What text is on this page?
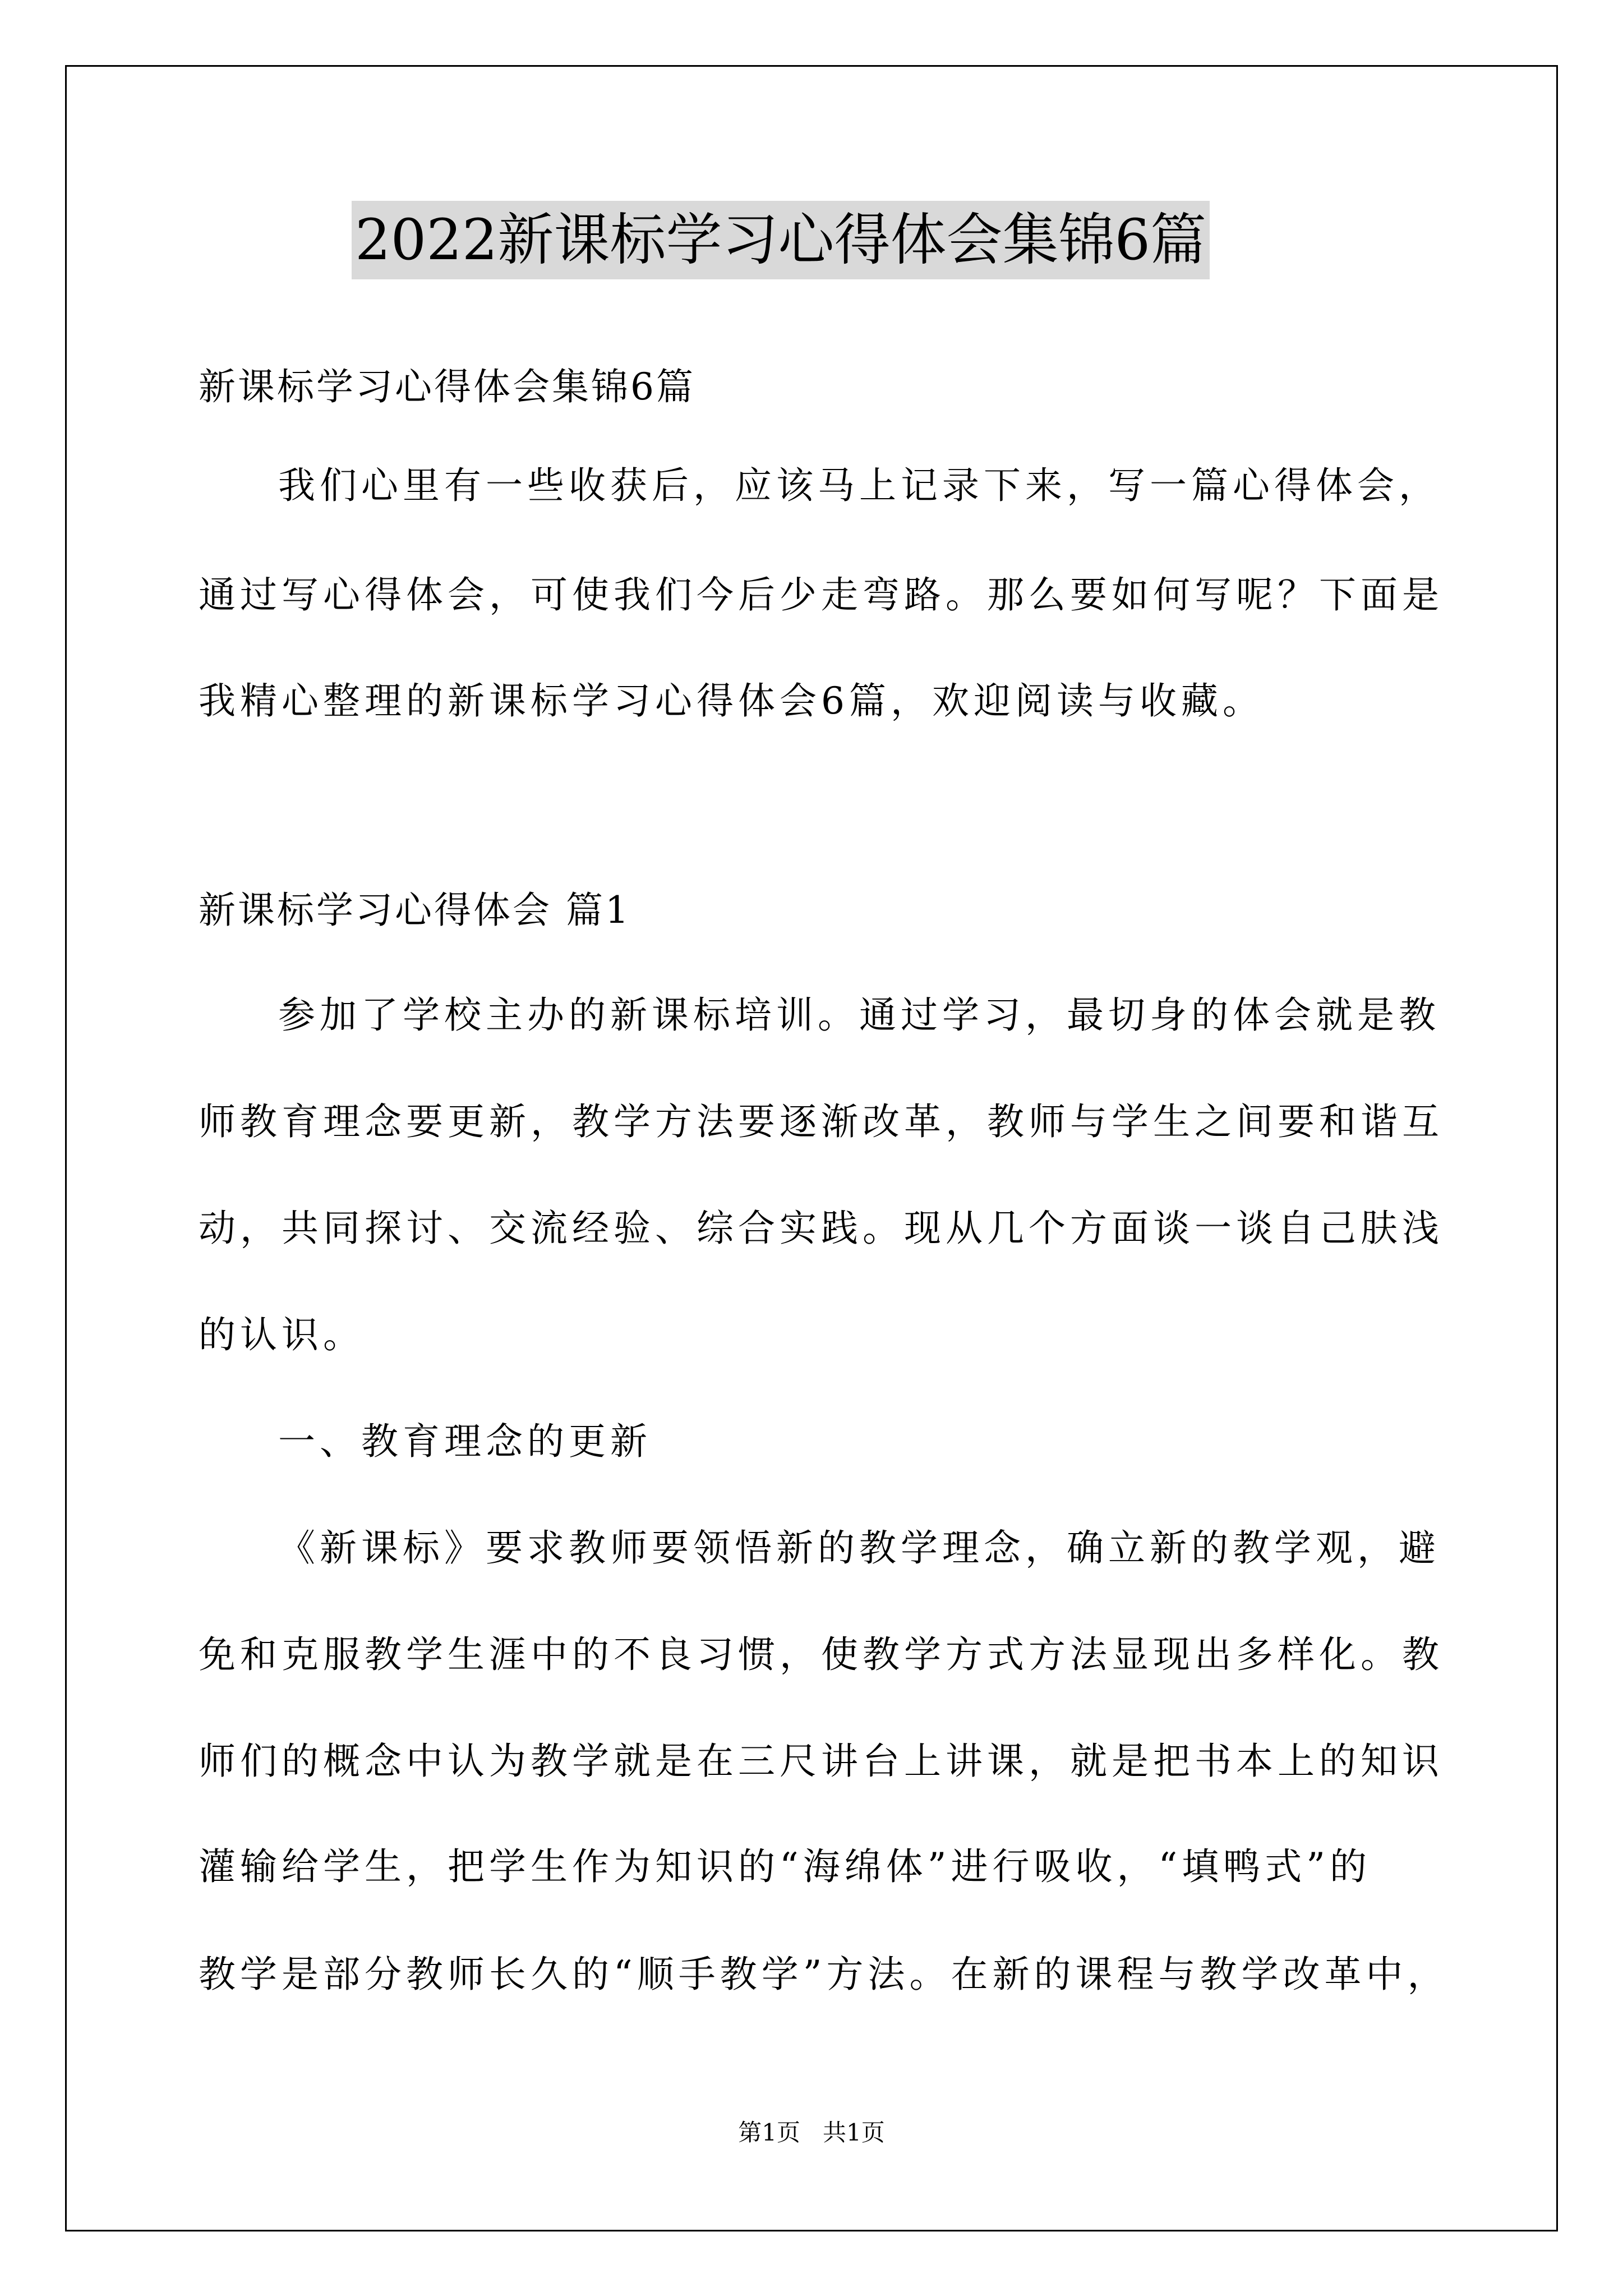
2022新课标学习心得体会集锦6篇
新课标学习心得体会集锦6篇
我们心里有一些收获后，应该马上记录下来，写一篇心得体会，
通过写心得体会，可使我们今后少走弯路。那么要如何写呢？下面是
我精心整理的新课标学习心得体会6篇，欢迎阅读与收藏。
新课标学习心得体会 篇1
参加了学校主办的新课标培训。通过学习，最切身的体会就是教
师教育理念要更新，教学方法要逐渐改革，教师与学生之间要和谐互
动，共同探讨、交流经验、综合实践。现从几个方面谈一谈自己肤浅
的认识。
一、教育理念的更新
《新课标》要求教师要领悟新的教学理念，确立新的教学观，避
免和克服教学生涯中的不良习惯，使教学方式方法显现出多样化。教
师们的概念中认为教学就是在三尺讲台上讲课，就是把书本上的知识
灌输给学生，把学生作为知识的“海绵体”进行吸收，“填鸭式”的
教学是部分教师长久的“顺手教学”方法。在新的课程与教学改革中，
第1页   共1页
